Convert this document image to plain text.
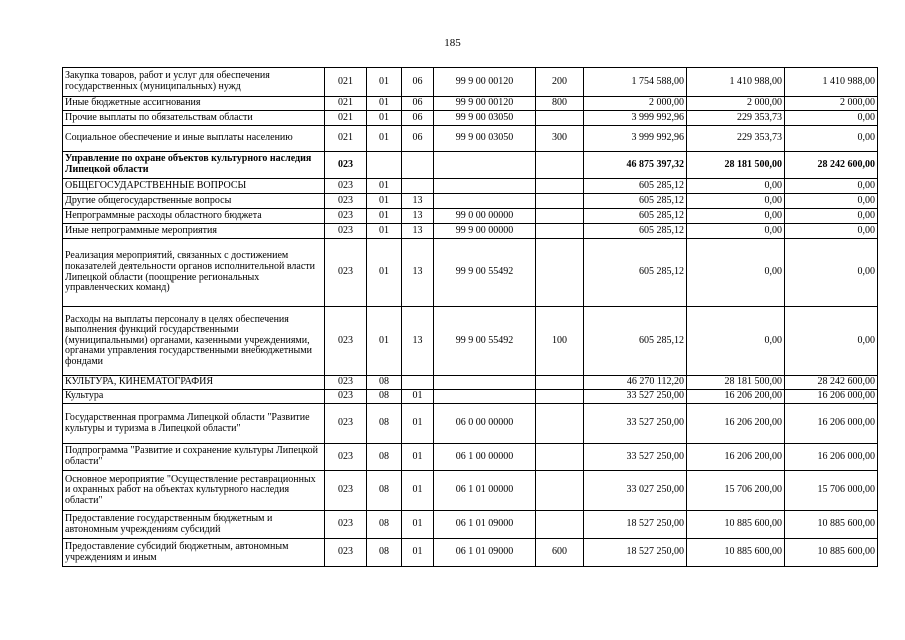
185
Закупка товаров, работ и услуг для обеспечения государственных (муниципальных) нужд	021	01	06	99 9 00 00120	200	1 754 588,00	1 410 988,00	1 410 988,00
Иные бюджетные ассигнования	021	01	06	99 9 00 00120	800	2 000,00	2 000,00	2 000,00
Прочие выплаты по обязательствам области	021	01	06	99 9 00 03050		3 999 992,96	229 353,73	0,00
Социальное обеспечение и иные выплаты населению	021	01	06	99 9 00 03050	300	3 999 992,96	229 353,73	0,00
Управление по охране объектов культурного наследия Липецкой области	023					46 875 397,32	28 181 500,00	28 242 600,00
ОБЩЕГОСУДАРСТВЕННЫЕ ВОПРОСЫ	023	01				605 285,12	0,00	0,00
Другие общегосударственные вопросы	023	01	13			605 285,12	0,00	0,00
Непрограммные расходы областного бюджета	023	01	13	99 0 00 00000		605 285,12	0,00	0,00
Иные непрограммные мероприятия	023	01	13	99 9 00 00000		605 285,12	0,00	0,00
Реализация мероприятий, связанных с достижением показателей деятельности органов исполнительной власти Липецкой области (поощрение региональных управленческих команд)	023	01	13	99 9 00 55492		605 285,12	0,00	0,00
Расходы на выплаты персоналу в целях обеспечения выполнения функций государственными (муниципальными) органами, казенными учреждениями, органами управления государственными внебюджетными фондами	023	01	13	99 9 00 55492	100	605 285,12	0,00	0,00
КУЛЬТУРА, КИНЕМАТОГРАФИЯ	023	08				46 270 112,20	28 181 500,00	28 242 600,00
Культура	023	08	01			33 527 250,00	16 206 200,00	16 206 000,00
Государственная программа Липецкой области "Развитие культуры и туризма в Липецкой области"	023	08	01	06 0 00 00000		33 527 250,00	16 206 200,00	16 206 000,00
Подпрограмма "Развитие и сохранение культуры Липецкой области"	023	08	01	06 1 00 00000		33 527 250,00	16 206 200,00	16 206 000,00
Основное мероприятие "Осуществление реставрационных и охранных работ на объектах культурного наследия области"	023	08	01	06 1 01 00000		33 027 250,00	15 706 200,00	15 706 000,00
Предоставление государственным бюджетным и автономным учреждениям субсидий	023	08	01	06 1 01 09000		18 527 250,00	10 885 600,00	10 885 600,00
Предоставление субсидий бюджетным, автономным учреждениям и иным	023	08	01	06 1 01 09000	600	18 527 250,00	10 885 600,00	10 885 600,00
